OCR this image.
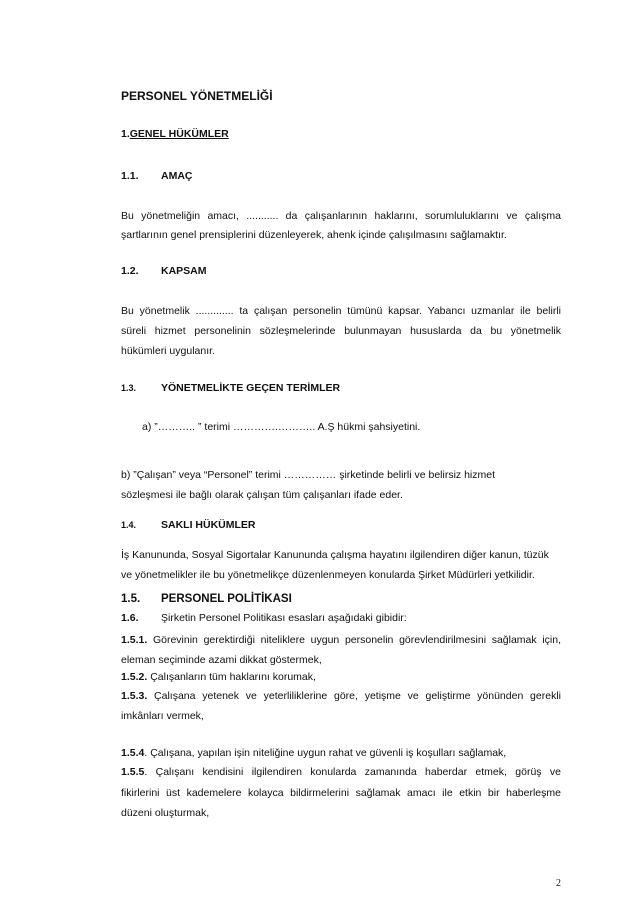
PERSONEL YÖNETMELİĞİ
1.GENEL HÜKÜMLER
1.1. AMAÇ
Bu yönetmeliğin amacı, ........... da çalışanlarının haklarını, sorumluluklarını ve çalışma
şartlarının genel prensiplerini düzenleyerek, ahenk içinde çalışılmasını sağlamaktır.
1.2. KAPSAM
Bu yönetmelik ............. ta çalışan personelin tümünü kapsar. Yabancı uzmanlar ile belirli
süreli hizmet personelinin sözleşmelerinde bulunmayan hususlarda da bu yönetmelik
hükümleri uygulanır.
1.3. YÖNETMELİKTE GEÇEN TERİMLER
a) ”……….. ” terimi ………….……….. A.Ş hükmi şahsiyetini.
b) ”Çalışan” veya “Personel” terimi …………… şirketinde belirli ve belirsiz hizmet
sözleşmesi ile bağlı olarak çalışan tüm çalışanları ifade eder.
1.4. SAKLI HÜKÜMLER
İş Kanununda, Sosyal Sigortalar Kanununda çalışma hayatını ilgilendiren diğer kanun, tüzük
ve yönetmelikler ile bu yönetmelikçe düzenlenmeyen konularda Şirket Müdürleri yetkilidir.
1.5. PERSONEL POLİTİKASI
1.6. Şirketin Personel Politikası esasları aşağıdaki gibidir:
1.5.1. Görevinin gerektirdiği niteliklere uygun personelin görevlendirilmesini sağlamak için,
eleman seçiminde azami dikkat göstermek,
1.5.2. Çalışanların tüm haklarını korumak,
1.5.3. Çalışana yetenek ve yeterliliklerine göre, yetişme ve geliştirme yönünden gerekli
imkânları vermek,
1.5.4. Çalışana, yapılan işin niteliğine uygun rahat ve güvenli iş koşulları sağlamak,
1.5.5. Çalışanı kendisini ilgilendiren konularda zamanında haberdar etmek, görüş ve
fikirlerini üst kademelere kolayca bildirmelerini sağlamak amacı ile etkin bir haberleşme
düzeni oluşturmak,
2
